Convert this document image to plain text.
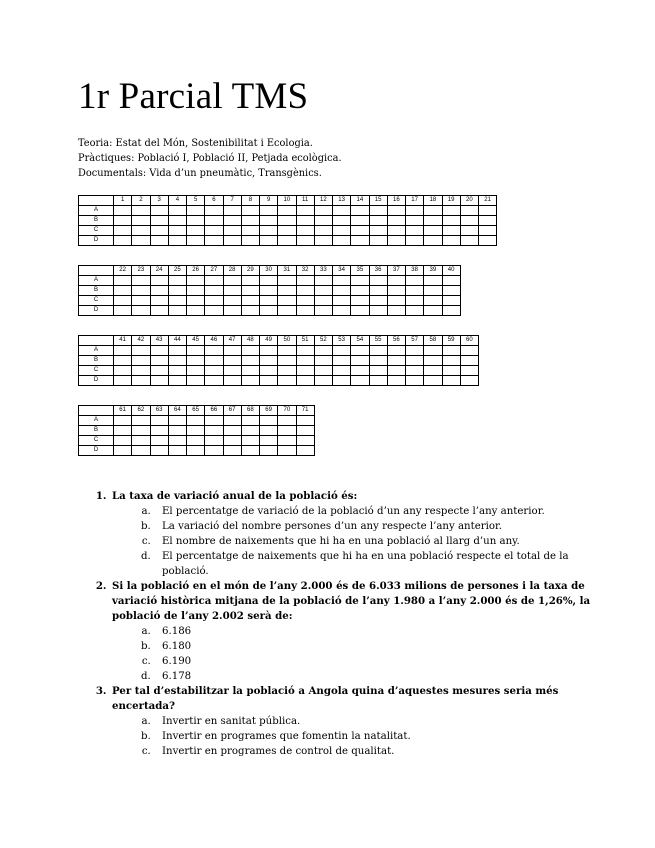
1r Parcial TMS
Teoria: Estat del Món, Sostenibilitat i Ecologia.
Pràctiques: Població I, Població II, Petjada ecològica.
Documentals: Vida d’un pneumàtic, Transgènics.
	1	2	3	4	5	6	7	8	9	10	11	12	13	14	15	16	17	18	19	20	21
A																					
B																					
C																					
D																					
	22	23	24	25	26	27	28	29	30	31	32	33	34	35	36	37	38	39	40
A																			
B																			
C																			
D																			
	41	42	43	44	45	46	47	48	49	50	51	52	53	54	55	56	57	58	59	60
A																				
B																				
C																				
D																				
	61	62	63	64	65	66	67	68	69	70	71
A											
B											
C											
D											
1. La taxa de variació anual de la població és:
a. El percentatge de variació de la població d’un any respecte l’any anterior.
b. La variació del nombre persones d’un any respecte l’any anterior.
c. El nombre de naixements que hi ha en una població al llarg d’un any.
d. El percentatge de naixements que hi ha en una població respecte el total de la població.
2. Si la població en el món de l’any 2.000 és de 6.033 milions de persones i la taxa de variació històrica mitjana de la població de l’any 1.980 a l’any 2.000 és de 1,26%, la població de l’any 2.002 serà de:
a. 6.186
b. 6.180
c. 6.190
d. 6.178
3. Per tal d’estabilitzar la població a Angola quina d’aquestes mesures seria més encertada?
a. Invertir en sanitat pública.
b. Invertir en programes que fomentin la natalitat.
c. Invertir en programes de control de qualitat.
